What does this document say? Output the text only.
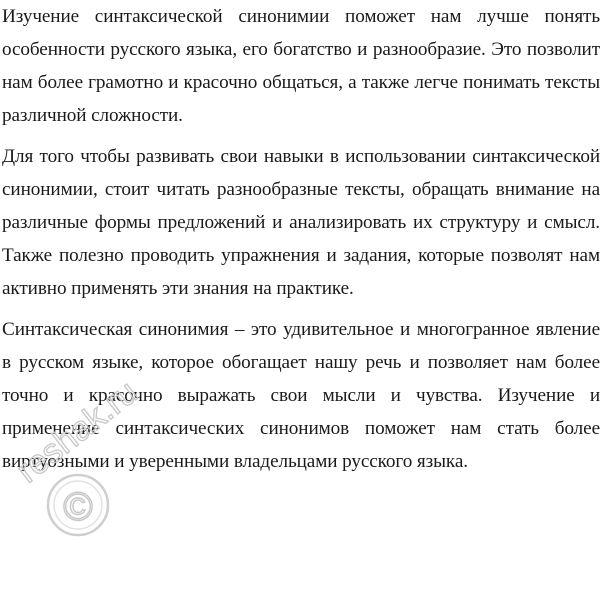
Изучение синтаксической синонимии поможет нам лучше понять особенности русского языка, его богатство и разнообразие. Это позволит нам более грамотно и красочно общаться, а также легче понимать тексты различной сложности.

Для того чтобы развивать свои навыки в использовании синтаксической синонимии, стоит читать разнообразные тексты, обращать внимание на различные формы предложений и анализировать их структуру и смысл. Также полезно проводить упражнения и задания, которые позволят нам активно применять эти знания на практике.

Синтаксическая синонимия – это удивительное и многогранное явление в русском языке, которое обогащает нашу речь и позволяет нам более точно и красочно выражать свои мысли и чувства. Изучение и применение синтаксических синонимов поможет нам стать более виртуозными и уверенными владельцами русского языка.

©
reshak.ru
